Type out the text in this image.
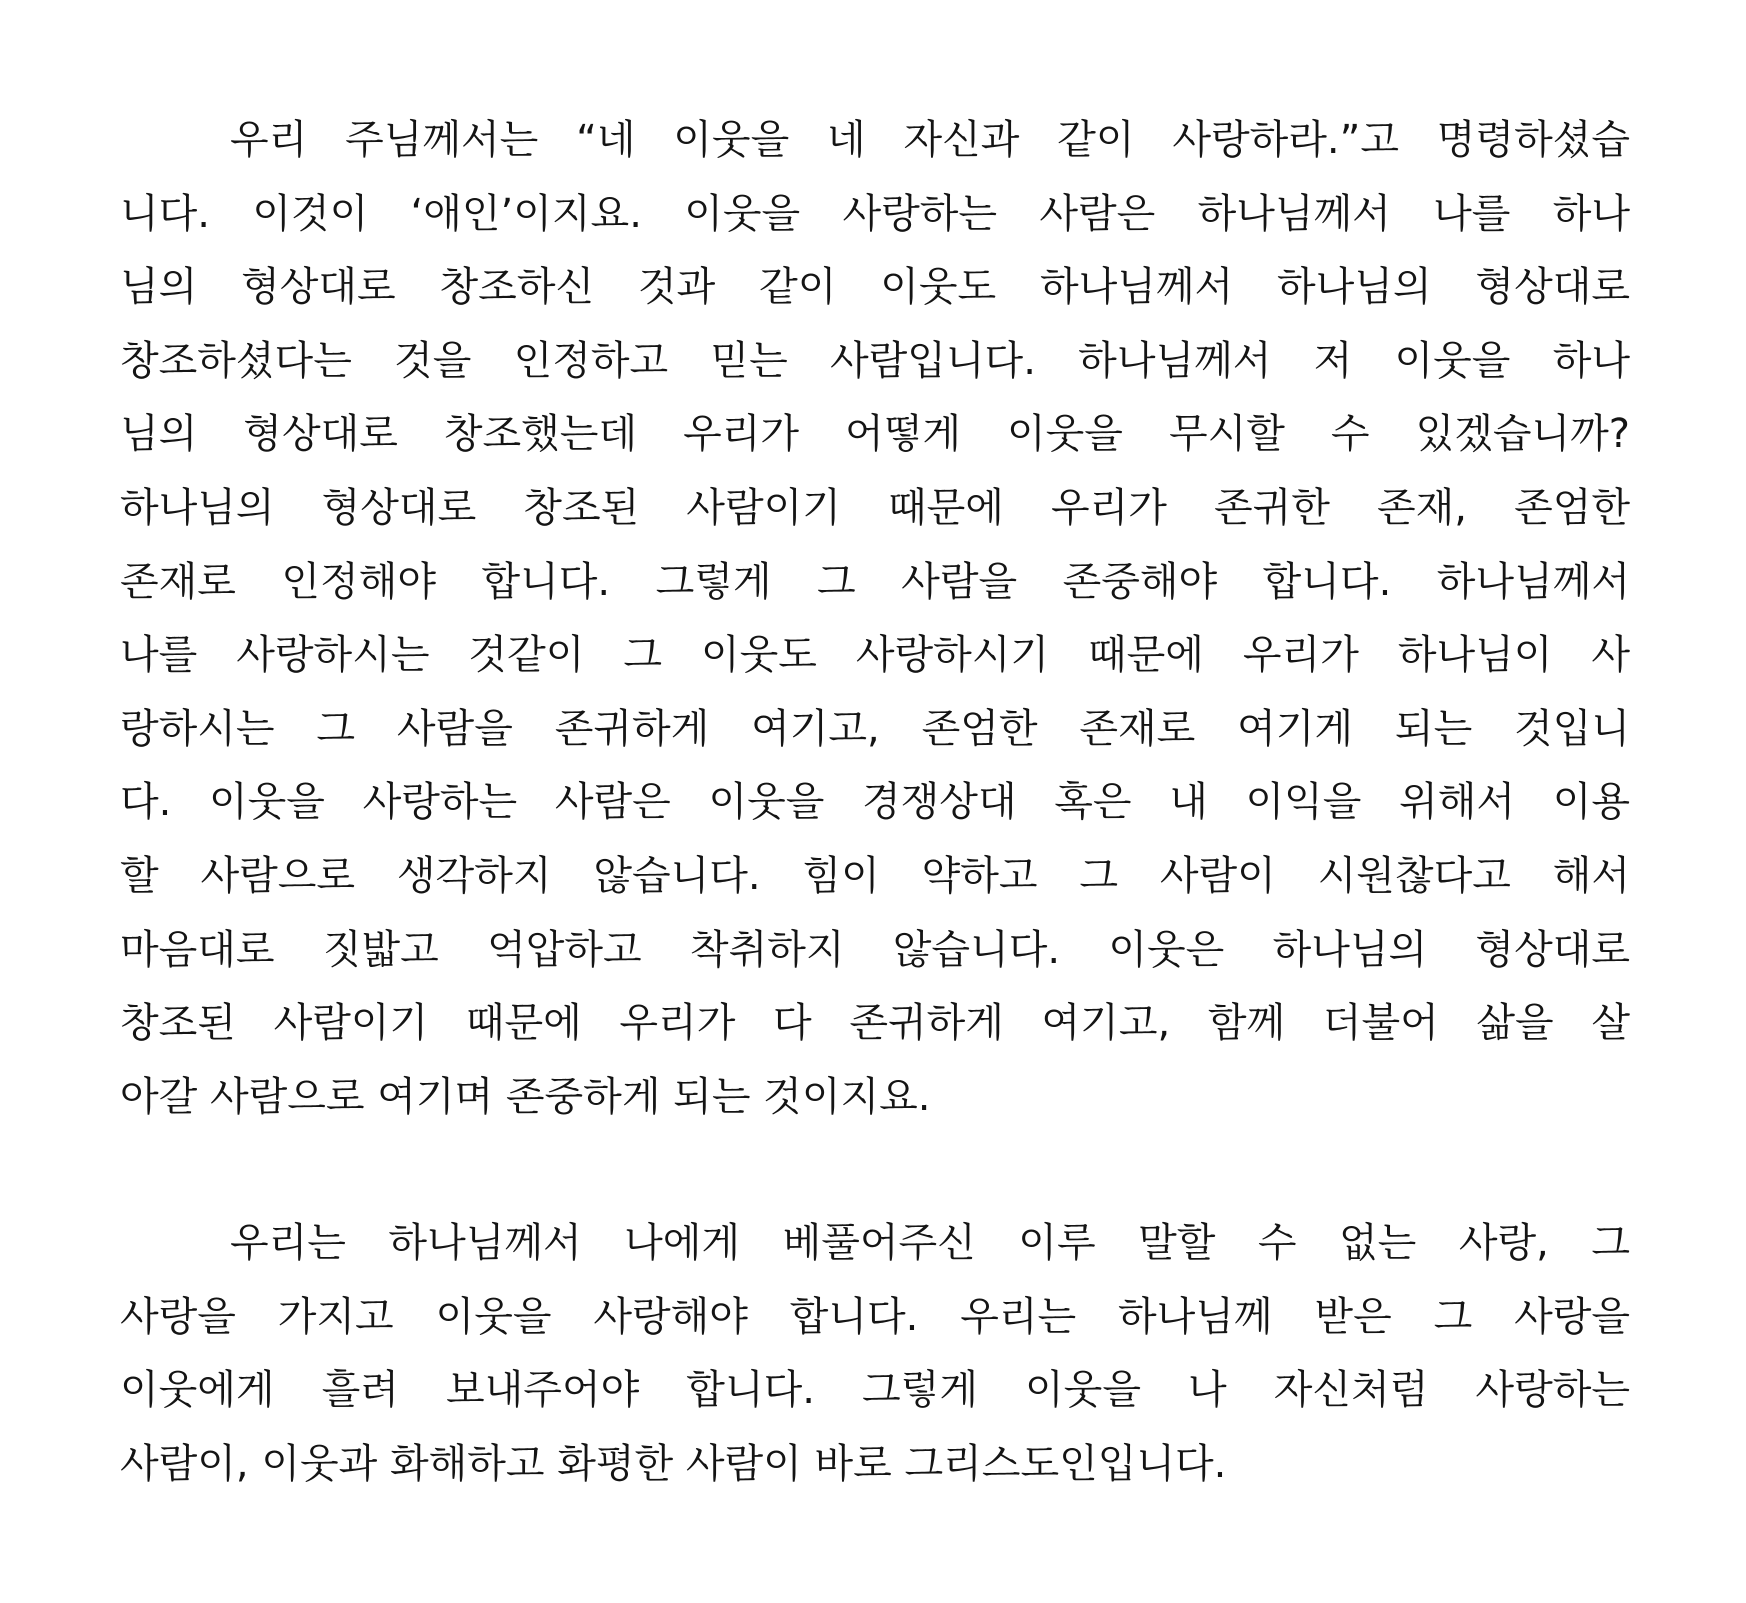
우리 주님께서는 “네 이웃을 네 자신과 같이 사랑하라.”고 명령하셨습
니다. 이것이 ‘애인’이지요. 이웃을 사랑하는 사람은 하나님께서 나를 하나
님의 형상대로 창조하신 것과 같이 이웃도 하나님께서 하나님의 형상대로
창조하셨다는 것을 인정하고 믿는 사람입니다. 하나님께서 저 이웃을 하나
님의 형상대로 창조했는데 우리가 어떻게 이웃을 무시할 수 있겠습니까?
하나님의 형상대로 창조된 사람이기 때문에 우리가 존귀한 존재, 존엄한
존재로 인정해야 합니다. 그렇게 그 사람을 존중해야 합니다. 하나님께서
나를 사랑하시는 것같이 그 이웃도 사랑하시기 때문에 우리가 하나님이 사
랑하시는 그 사람을 존귀하게 여기고, 존엄한 존재로 여기게 되는 것입니
다. 이웃을 사랑하는 사람은 이웃을 경쟁상대 혹은 내 이익을 위해서 이용
할 사람으로 생각하지 않습니다. 힘이 약하고 그 사람이 시원찮다고 해서
마음대로 짓밟고 억압하고 착취하지 않습니다. 이웃은 하나님의 형상대로
창조된 사람이기 때문에 우리가 다 존귀하게 여기고, 함께 더불어 삶을 살
아갈 사람으로 여기며 존중하게 되는 것이지요.
우리는 하나님께서 나에게 베풀어주신 이루 말할 수 없는 사랑, 그
사랑을 가지고 이웃을 사랑해야 합니다. 우리는 하나님께 받은 그 사랑을
이웃에게 흘려 보내주어야 합니다. 그렇게 이웃을 나 자신처럼 사랑하는
사람이, 이웃과 화해하고 화평한 사람이 바로 그리스도인입니다.
